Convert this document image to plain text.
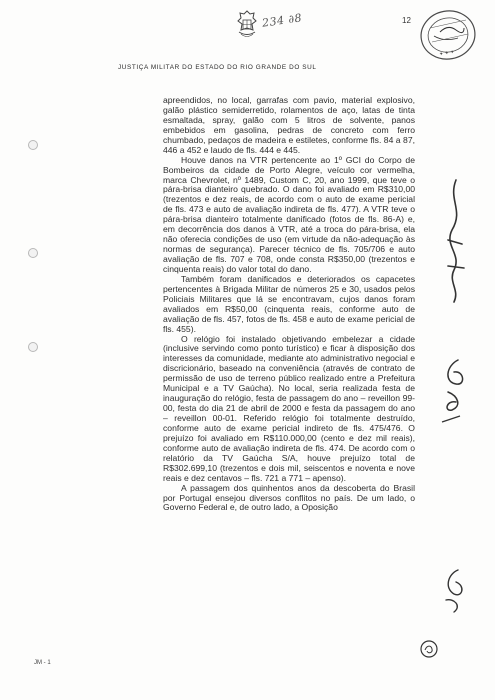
234 ∂8	12
✦ ✦ ✦
JUSTIÇA MILITAR DO ESTADO DO RIO GRANDE DO SUL

apreendidos, no local, garrafas com pavio, material explosivo, galão plástico semiderretido, rolamentos de aço, latas de tinta esmaltada, spray, galão com 5 litros de solvente, panos embebidos em gasolina, pedras de concreto com ferro chumbado, pedaços de madeira e estiletes, conforme fls. 84 a 87, 446 a 452 e laudo de fls. 444 e 445.

Houve danos na VTR pertencente ao 1º GCI do Corpo de Bombeiros da cidade de Porto Alegre, veículo cor vermelha, marca Chevrolet, nº 1489, Custom C, 20, ano 1999, que teve o pára-brisa dianteiro quebrado. O dano foi avaliado em R$310,00 (trezentos e dez reais, de acordo com o auto de exame pericial de fls. 473 e auto de avaliação indireta de fls. 477). A VTR teve o pára-brisa dianteiro totalmente danificado (fotos de fls. 86-A) e, em decorrência dos danos à VTR, até a troca do pára-brisa, ela não oferecia condições de uso (em virtude da não-adequação às normas de segurança). Parecer técnico de fls. 705/706 e auto avaliação de fls. 707 e 708, onde consta R$350,00 (trezentos e cinquenta reais) do valor total do dano.

Também foram danificados e deteriorados os capacetes pertencentes à Brigada Militar de números 25 e 30, usados pelos Policiais Militares que lá se encontravam, cujos danos foram avaliados em R$50,00 (cinquenta reais, conforme auto de avaliação de fls. 457, fotos de fls. 458 e auto de exame pericial de fls. 455).

O relógio foi instalado objetivando embelezar a cidade (inclusive servindo como ponto turístico) e ficar à disposição dos interesses da comunidade, mediante ato administrativo negocial e discricionário, baseado na conveniência (através de contrato de permissão de uso de terreno público realizado entre a Prefeitura Municipal e a TV Gaúcha). No local, seria realizada festa de inauguração do relógio, festa de passagem do ano – reveillon 99-00, festa do dia 21 de abril de 2000 e festa da passagem do ano – reveillon 00-01. Referido relógio foi totalmente destruído, conforme auto de exame pericial indireto de fls. 475/476. O prejuízo foi avaliado em R$110.000,00 (cento e dez mil reais), conforme auto de avaliação indireta de fls. 474. De acordo com o relatório da TV Gaúcha S/A, houve prejuízo total de R$302.699,10 (trezentos e dois mil, seiscentos e noventa e nove reais e dez centavos – fls. 721 a 771 – apenso).

A passagem dos quinhentos anos da descoberta do Brasil por Portugal ensejou diversos conflitos no país. De um lado, o Governo Federal e, de outro lado, a Oposição

JM - 1
